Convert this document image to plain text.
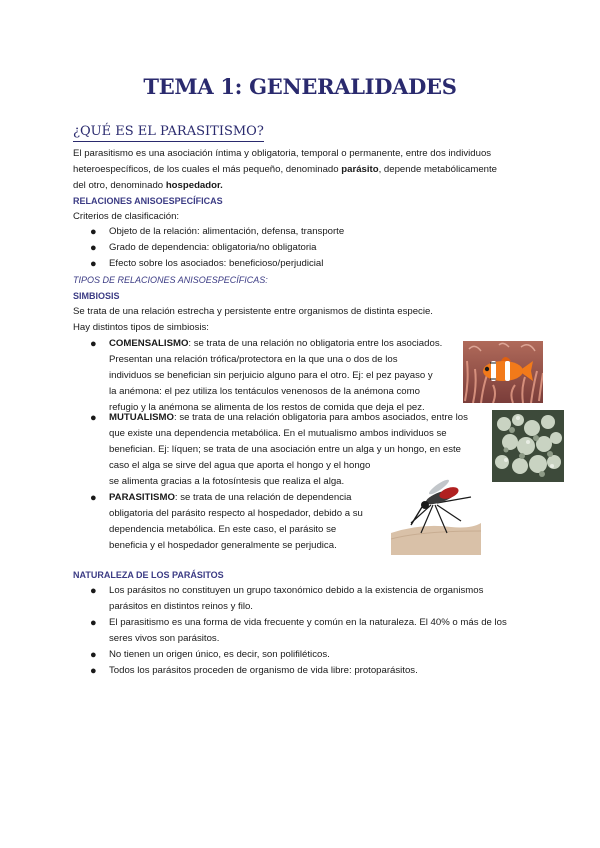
TEMA 1: GENERALIDADES
¿QUÉ ES EL PARASITISMO?
El parasitismo es una asociación íntima y obligatoria, temporal o permanente, entre dos individuos
heteroespecíficos, de los cuales el más pequeño, denominado parásito, depende metabólicamente
del otro, denominado hospedador.
RELACIONES ANISOESPECÍFICAS
Criterios de clasificación:
● Objeto de la relación: alimentación, defensa, transporte
● Grado de dependencia: obligatoria/no obligatoria
● Efecto sobre los asociados: beneficioso/perjudicial
TIPOS DE RELACIONES ANISOESPECÍFICAS:
SIMBIOSIS
Se trata de una relación estrecha y persistente entre organismos de distinta especie.
Hay distintos tipos de simbiosis:
● COMENSALISMO: se trata de una relación no obligatoria entre los asociados.
Presentan una relación trófica/protectora en la que una o dos de los
individuos se benefician sin perjuicio alguno para el otro. Ej: el pez payaso y
la anémona: el pez utiliza los tentáculos venenosos de la anémona como
refugio y la anémona se alimenta de los restos de comida que deja el pez.
● MUTUALISMO: se trata de una relación obligatoria para ambos asociados, entre los
que existe una dependencia metabólica. En el mutualismo ambos individuos se
benefician. Ej: líquen; se trata de una asociación entre un alga y un hongo, en este
caso el alga se sirve del agua que aporta el hongo y el hongo
se alimenta gracias a la fotosíntesis que realiza el alga.
● PARASITISMO: se trata de una relación de dependencia
obligatoria del parásito respecto al hospedador, debido a su
dependencia metabólica. En este caso, el parásito se
beneficia y el hospedador generalmente se perjudica.
NATURALEZA DE LOS PARÁSITOS
● Los parásitos no constituyen un grupo taxonómico debido a la existencia de organismos
parásitos en distintos reinos y filo.
● El parasitismo es una forma de vida frecuente y común en la naturaleza. El 40% o más de los
seres vivos son parásitos.
● No tienen un origen único, es decir, son polifiléticos.
● Todos los parásitos proceden de organismo de vida libre: protoparásitos.
